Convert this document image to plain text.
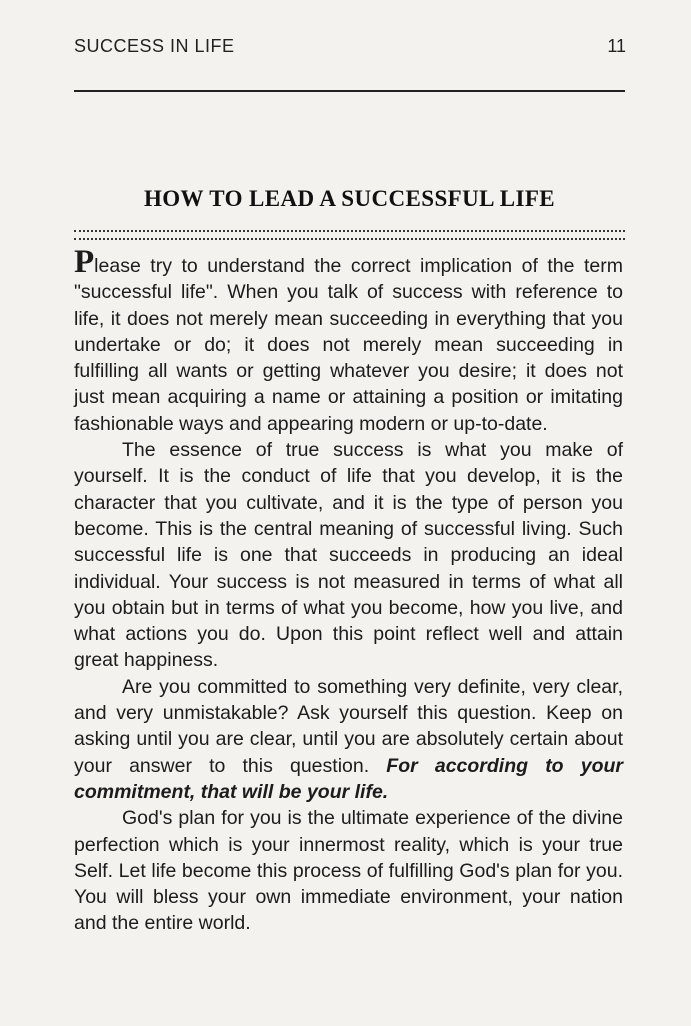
SUCCESS IN LIFE	11
HOW TO LEAD A SUCCESSFUL LIFE

Please try to understand the correct implication of the term "successful life". When you talk of success with reference to life, it does not merely mean succeeding in everything that you undertake or do; it does not merely mean succeeding in fulfilling all wants or getting whatever you desire; it does not just mean acquiring a name or attaining a position or imitating fashionable ways and appearing modern or up-to-date.

The essence of true success is what you make of yourself. It is the conduct of life that you develop, it is the character that you cultivate, and it is the type of person you become. This is the central meaning of successful living. Such successful life is one that succeeds in producing an ideal individual. Your success is not measured in terms of what all you obtain but in terms of what you become, how you live, and what actions you do. Upon this point reflect well and attain great happiness.

Are you committed to something very definite, very clear, and very unmistakable? Ask yourself this question. Keep on asking until you are clear, until you are absolutely certain about your answer to this question. For according to your commitment, that will be your life.

God's plan for you is the ultimate experience of the divine perfection which is your innermost reality, which is your true Self. Let life become this process of fulfilling God's plan for you. You will bless your own immediate environment, your nation and the entire world.
